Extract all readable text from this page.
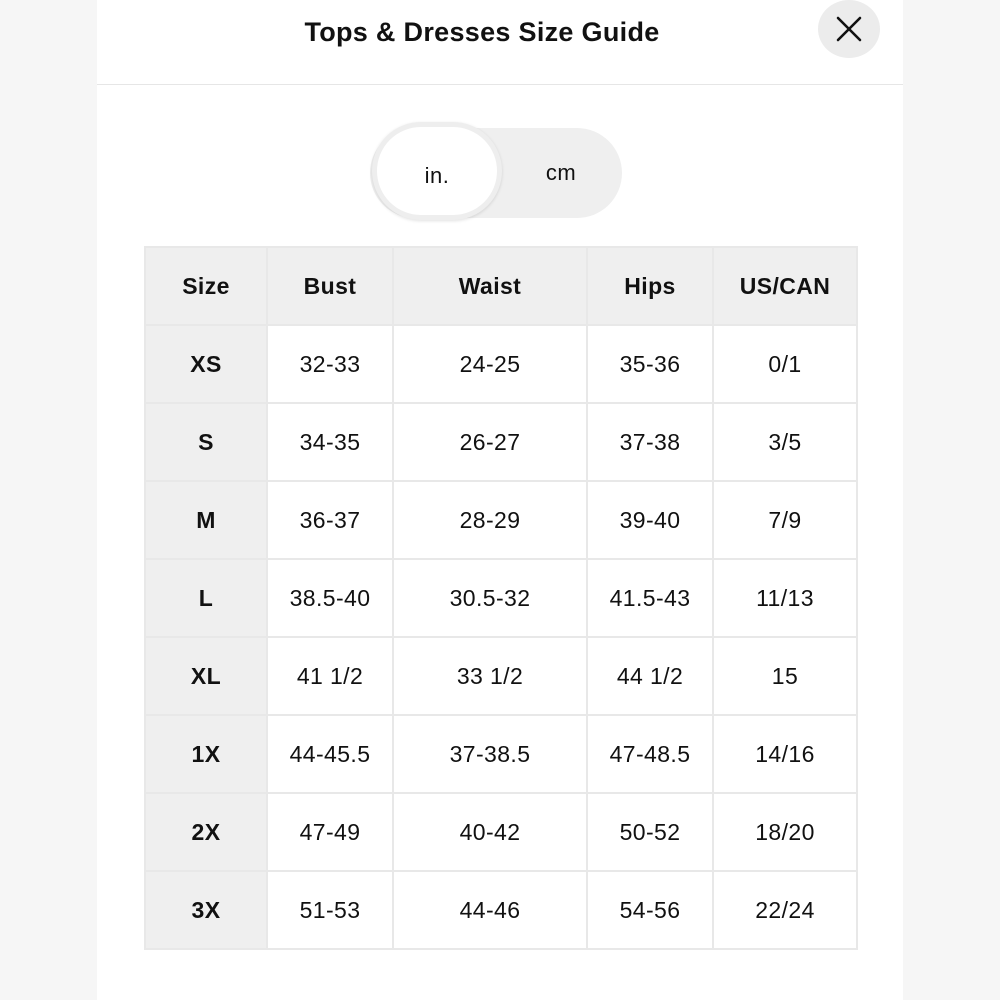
Tops & Dresses Size Guide
in.	cm
Size	Bust	Waist	Hips	US/CAN
XS	32-33	24-25	35-36	0/1
S	34-35	26-27	37-38	3/5
M	36-37	28-29	39-40	7/9
L	38.5-40	30.5-32	41.5-43	11/13
XL	41 1/2	33 1/2	44 1/2	15
1X	44-45.5	37-38.5	47-48.5	14/16
2X	47-49	40-42	50-52	18/20
3X	51-53	44-46	54-56	22/24
